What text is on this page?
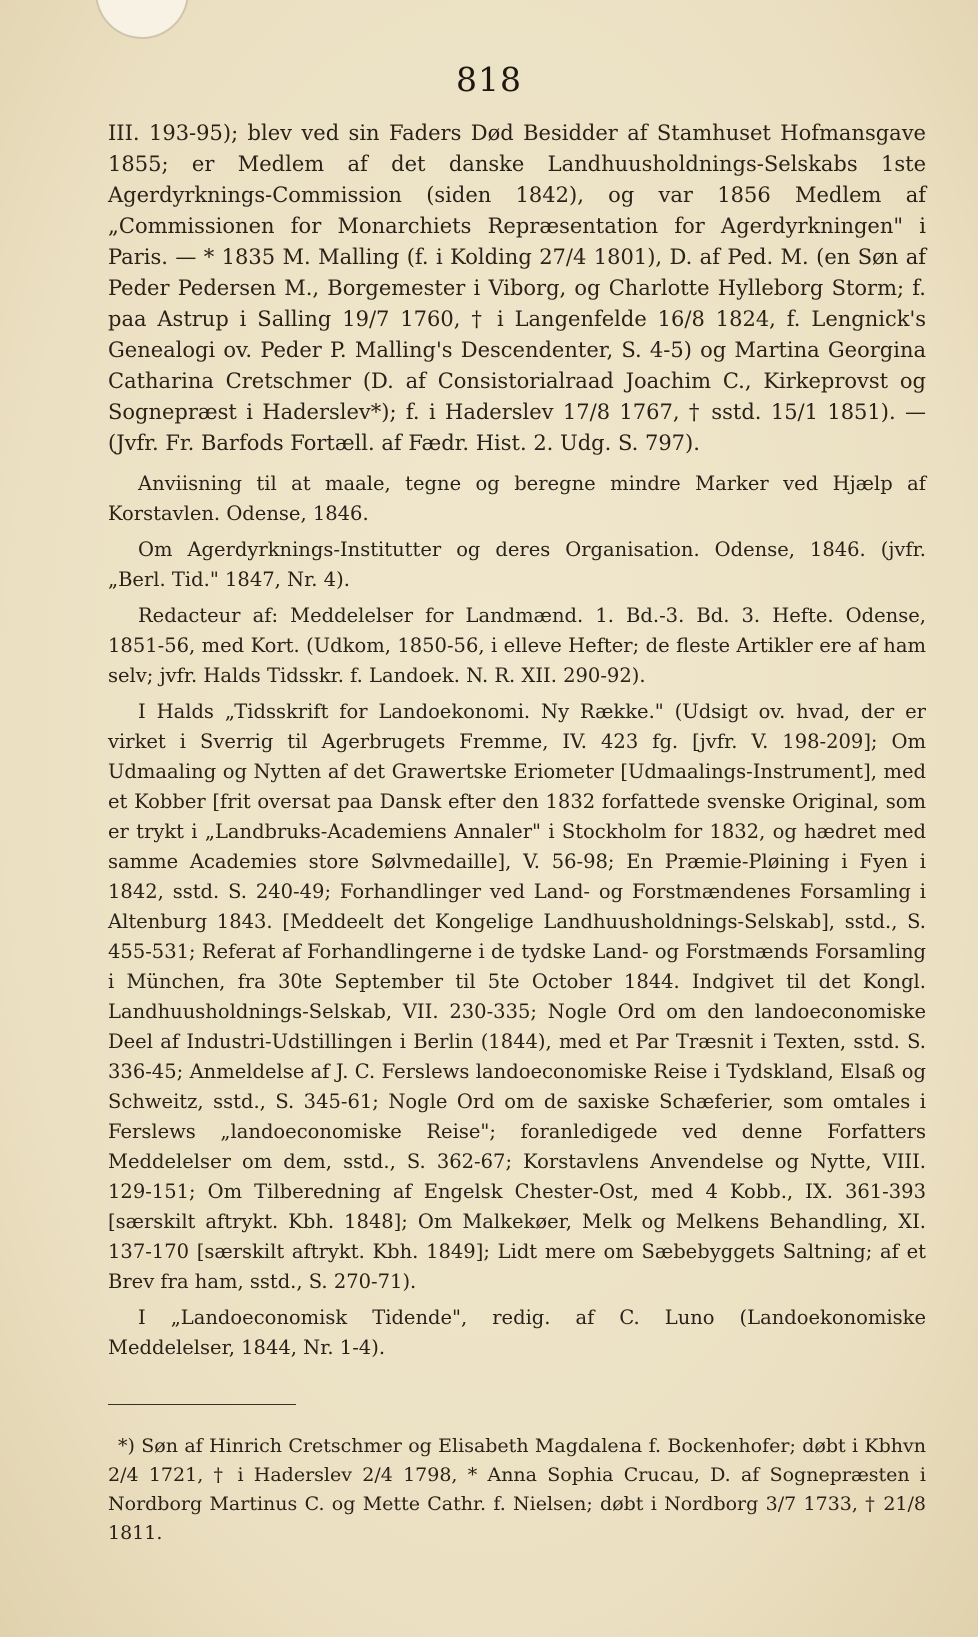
818

III. 193-95); blev ved sin Faders Død Besidder af Stamhuset Hofmansgave 1855; er Medlem af det danske Landhuusholdnings-Selskabs 1ste Agerdyrknings-Commission (siden 1842), og var 1856 Medlem af „Commissionen for Monarchiets Repræsentation for Agerdyrkningen" i Paris. — * 1835 M. Malling (f. i Kolding 27/4 1801), D. af Ped. M. (en Søn af Peder Pedersen M., Borgemester i Viborg, og Charlotte Hylleborg Storm; f. paa Astrup i Salling 19/7 1760, † i Langenfelde 16/8 1824, f. Lengnick's Genealogi ov. Peder P. Malling's Descendenter, S. 4-5) og Martina Georgina Catharina Cretschmer (D. af Consistorialraad Joachim C., Kirkeprovst og Sognepræst i Haderslev*); f. i Haderslev 17/8 1767, † sstd. 15/1 1851). — (Jvfr. Fr. Barfods Fortæll. af Fædr. Hist. 2. Udg. S. 797).

Anviisning til at maale, tegne og beregne mindre Marker ved Hjælp af Korstavlen. Odense, 1846.

Om Agerdyrknings-Institutter og deres Organisation. Odense, 1846. (jvfr. „Berl. Tid." 1847, Nr. 4).

Redacteur af: Meddelelser for Landmænd. 1. Bd.-3. Bd. 3. Hefte. Odense, 1851-56, med Kort. (Udkom, 1850-56, i elleve Hefter; de fleste Artikler ere af ham selv; jvfr. Halds Tidsskr. f. Landoek. N. R. XII. 290-92).

I Halds „Tidsskrift for Landoekonomi. Ny Række." (Udsigt ov. hvad, der er virket i Sverrig til Agerbrugets Fremme, IV. 423 fg. [jvfr. V. 198-209]; Om Udmaaling og Nytten af det Grawertske Eriometer [Udmaalings-Instrument], med et Kobber [frit oversat paa Dansk efter den 1832 forfattede svenske Original, som er trykt i „Landbruks-Academiens Annaler" i Stockholm for 1832, og hædret med samme Academies store Sølvmedaille], V. 56-98; En Præmie-Pløining i Fyen i 1842, sstd. S. 240-49; Forhandlinger ved Land- og Forstmændenes Forsamling i Altenburg 1843. [Meddeelt det Kongelige Landhuusholdnings-Selskab], sstd., S. 455-531; Referat af Forhandlingerne i de tydske Land- og Forstmænds Forsamling i München, fra 30te September til 5te October 1844. Indgivet til det Kongl. Landhuusholdnings-Selskab, VII. 230-335; Nogle Ord om den landoeconomiske Deel af Industri-Udstillingen i Berlin (1844), med et Par Træsnit i Texten, sstd. S. 336-45; Anmeldelse af J. C. Ferslews landoeconomiske Reise i Tydskland, Elsaß og Schweitz, sstd., S. 345-61; Nogle Ord om de saxiske Schæferier, som omtales i Ferslews „landoeconomiske Reise"; foranledigede ved denne Forfatters Meddelelser om dem, sstd., S. 362-67; Korstavlens Anvendelse og Nytte, VIII. 129-151; Om Tilberedning af Engelsk Chester-Ost, med 4 Kobb., IX. 361-393 [særskilt aftrykt. Kbh. 1848]; Om Malkekøer, Melk og Melkens Behandling, XI. 137-170 [særskilt aftrykt. Kbh. 1849]; Lidt mere om Sæbebyggets Saltning; af et Brev fra ham, sstd., S. 270-71).

I „Landoeconomisk Tidende", redig. af C. Luno (Landoekonomiske Meddelelser, 1844, Nr. 1-4).

*) Søn af Hinrich Cretschmer og Elisabeth Magdalena f. Bockenhofer; døbt i Kbhvn 2/4 1721, † i Haderslev 2/4 1798, * Anna Sophia Crucau, D. af Sognepræsten i Nordborg Martinus C. og Mette Cathr. f. Nielsen; døbt i Nordborg 3/7 1733, † 21/8 1811.
